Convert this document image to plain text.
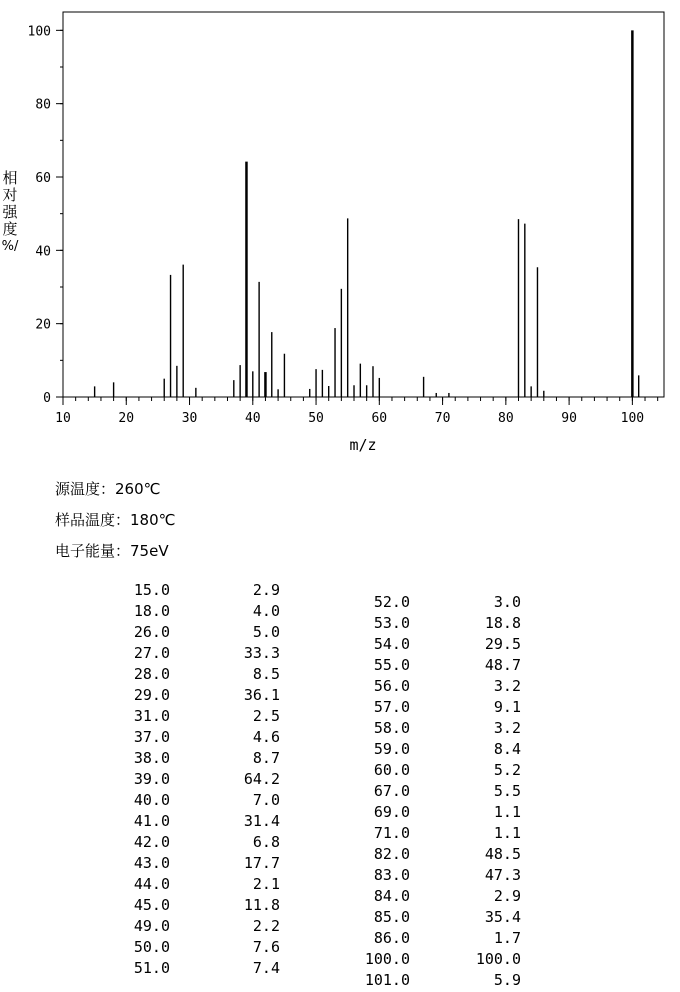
0
20
40
60
80
100
10	20	30	40	50	60	70	80	90	100
m/z
相对强度
%/
源温度：260℃
样品温度：180℃
电子能量：75eV
15.0	2.9
18.0	4.0
26.0	5.0
27.0	33.3
28.0	8.5
29.0	36.1
31.0	2.5
37.0	4.6
38.0	8.7
39.0	64.2
40.0	7.0
41.0	31.4
42.0	6.8
43.0	17.7
44.0	2.1
45.0	11.8
49.0	2.2
50.0	7.6
51.0	7.4
52.0	3.0
53.0	18.8
54.0	29.5
55.0	48.7
56.0	3.2
57.0	9.1
58.0	3.2
59.0	8.4
60.0	5.2
67.0	5.5
69.0	1.1
71.0	1.1
82.0	48.5
83.0	47.3
84.0	2.9
85.0	35.4
86.0	1.7
100.0	100.0
101.0	5.9
